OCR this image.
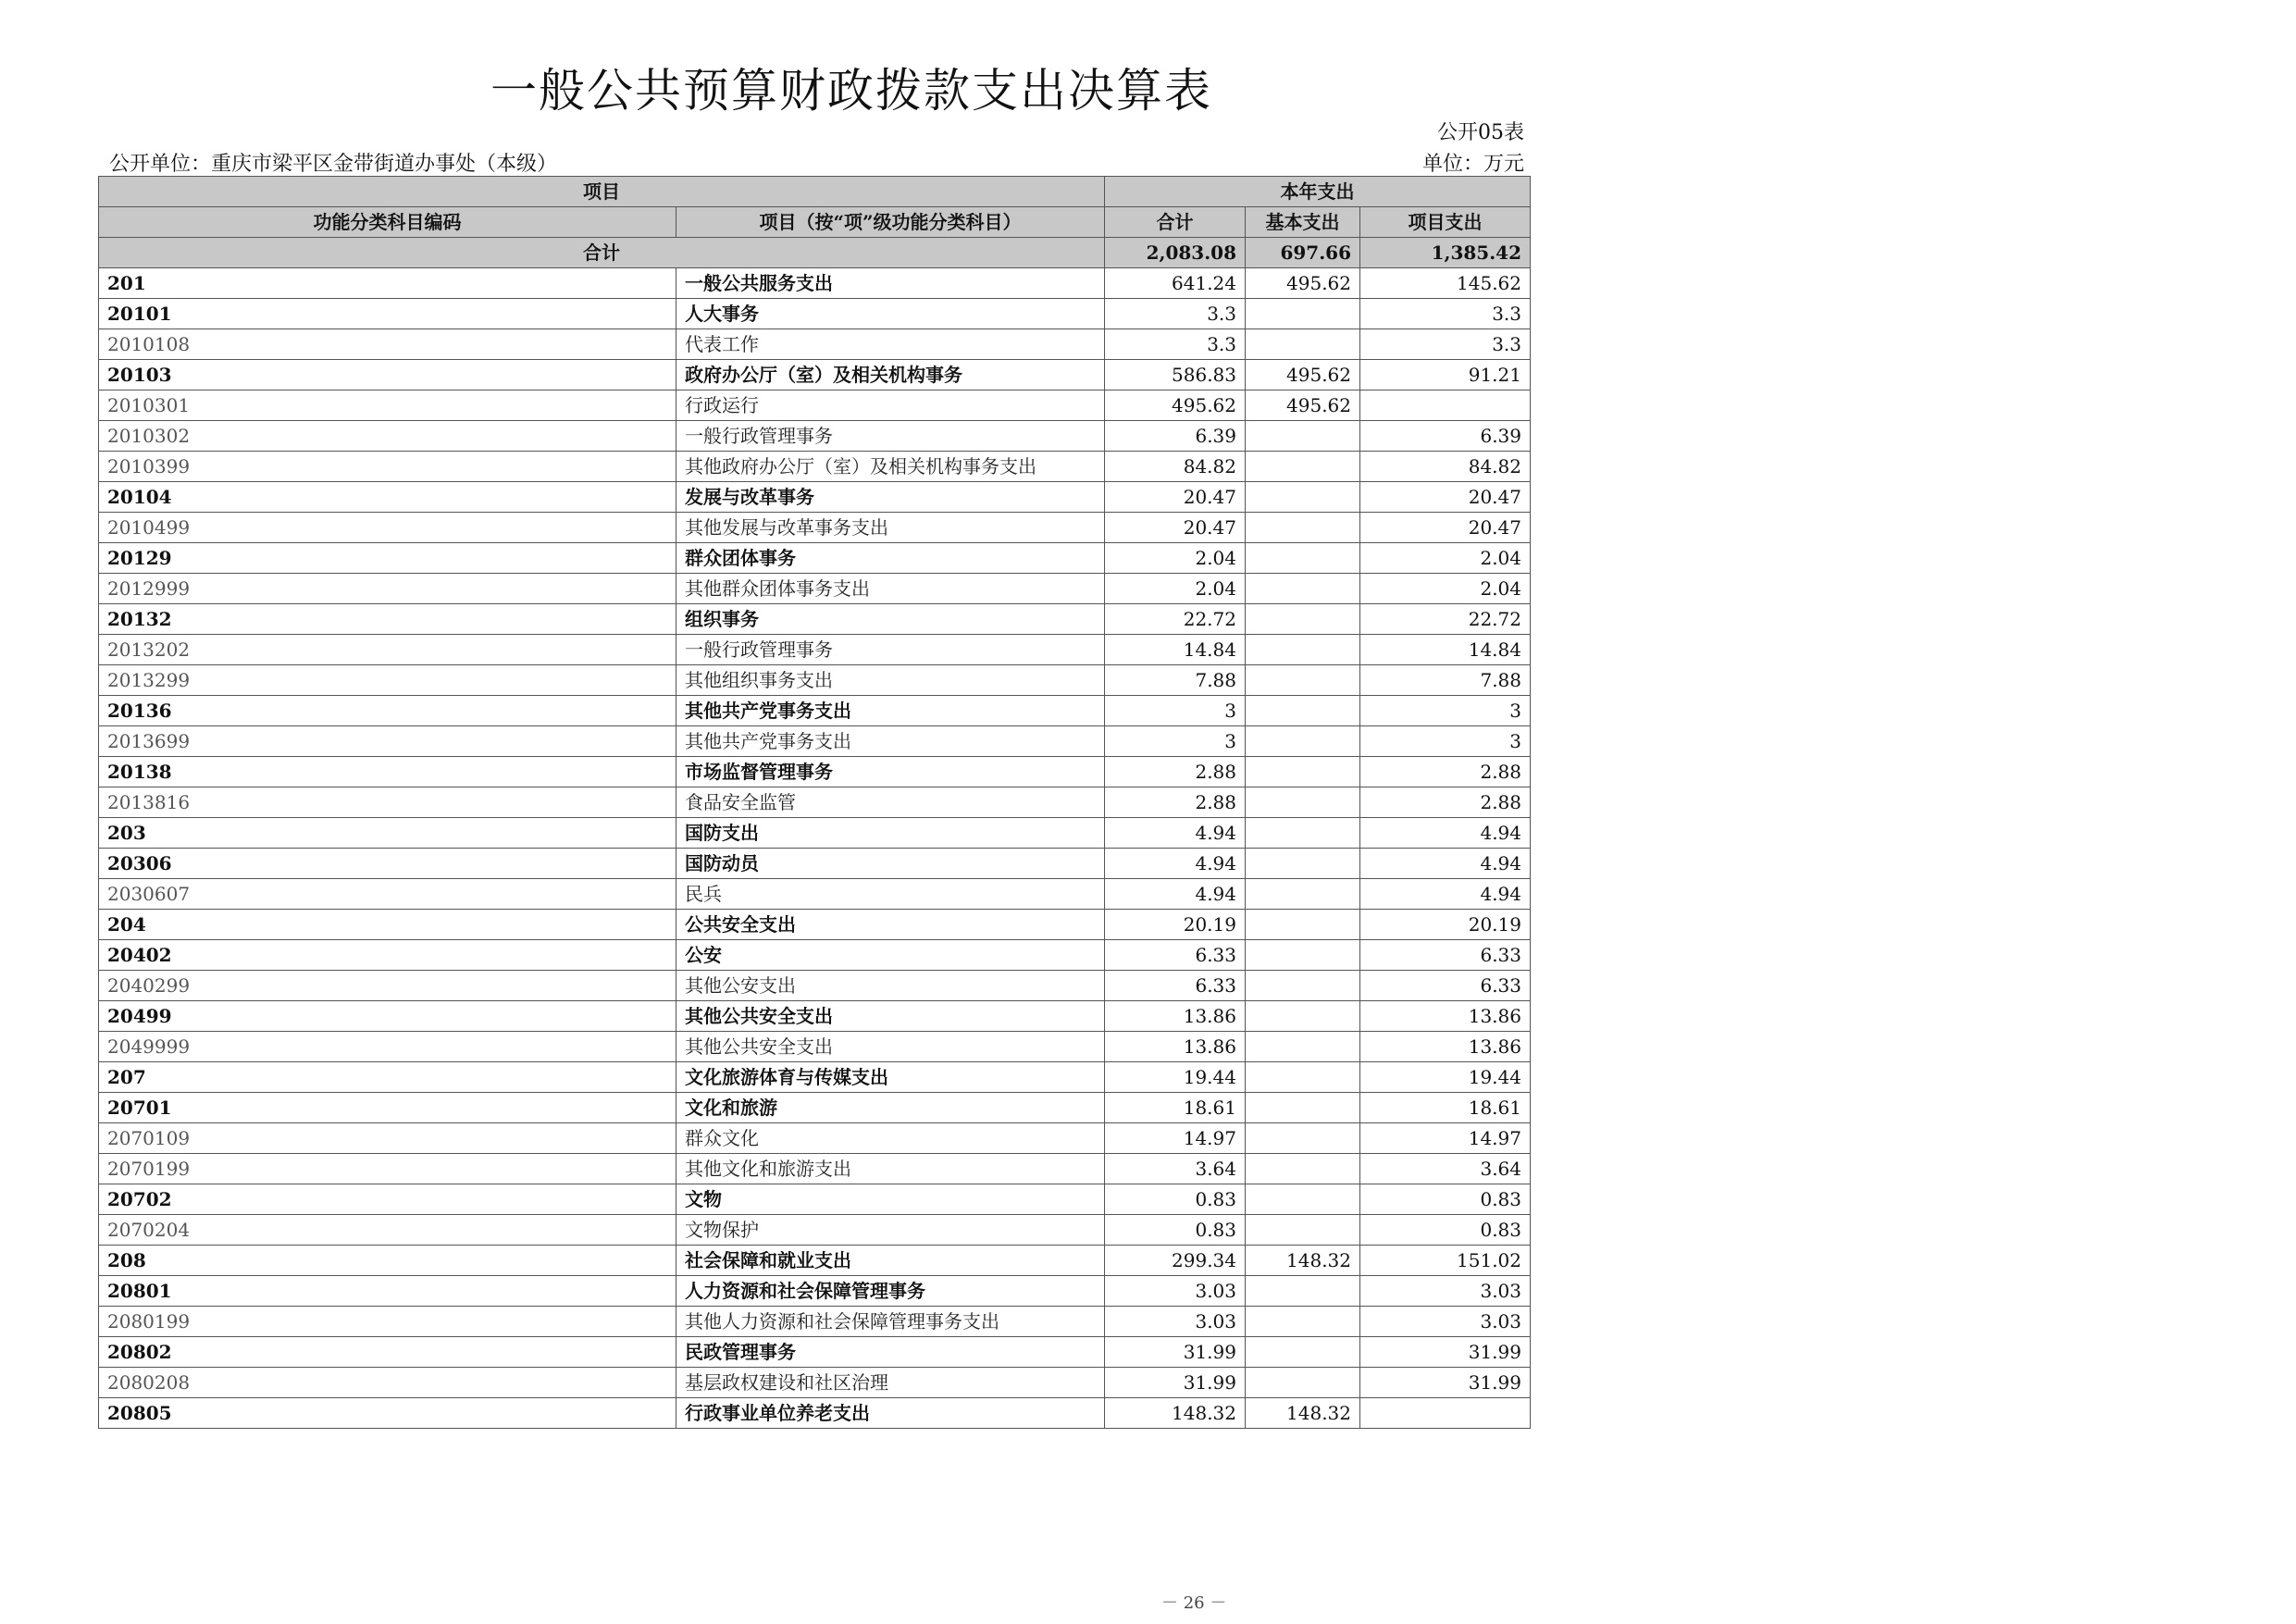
一般公共预算财政拨款支出决算表
公开05表
公开单位：重庆市梁平区金带街道办事处（本级）	单位：万元
项目		本年支出		
功能分类科目编码	项目（按“项”级功能分类科目）	合计	基本支出	项目支出
合计		2,083.08	697.66	1,385.42
201	一般公共服务支出	641.24	495.62	145.62
20101	人大事务	3.3		3.3
2010108	代表工作	3.3		3.3
20103	政府办公厅（室）及相关机构事务	586.83	495.62	91.21
2010301	行政运行	495.62	495.62	
2010302	一般行政管理事务	6.39		6.39
2010399	其他政府办公厅（室）及相关机构事务支出	84.82		84.82
20104	发展与改革事务	20.47		20.47
2010499	其他发展与改革事务支出	20.47		20.47
20129	群众团体事务	2.04		2.04
2012999	其他群众团体事务支出	2.04		2.04
20132	组织事务	22.72		22.72
2013202	一般行政管理事务	14.84		14.84
2013299	其他组织事务支出	7.88		7.88
20136	其他共产党事务支出	3		3
2013699	其他共产党事务支出	3		3
20138	市场监督管理事务	2.88		2.88
2013816	食品安全监管	2.88		2.88
203	国防支出	4.94		4.94
20306	国防动员	4.94		4.94
2030607	民兵	4.94		4.94
204	公共安全支出	20.19		20.19
20402	公安	6.33		6.33
2040299	其他公安支出	6.33		6.33
20499	其他公共安全支出	13.86		13.86
2049999	其他公共安全支出	13.86		13.86
207	文化旅游体育与传媒支出	19.44		19.44
20701	文化和旅游	18.61		18.61
2070109	群众文化	14.97		14.97
2070199	其他文化和旅游支出	3.64		3.64
20702	文物	0.83		0.83
2070204	文物保护	0.83		0.83
208	社会保障和就业支出	299.34	148.32	151.02
20801	人力资源和社会保障管理事务	3.03		3.03
2080199	其他人力资源和社会保障管理事务支出	3.03		3.03
20802	民政管理事务	31.99		31.99
2080208	基层政权建设和社区治理	31.99		31.99
20805	行政事业单位养老支出	148.32	148.32	
－ 26 －
